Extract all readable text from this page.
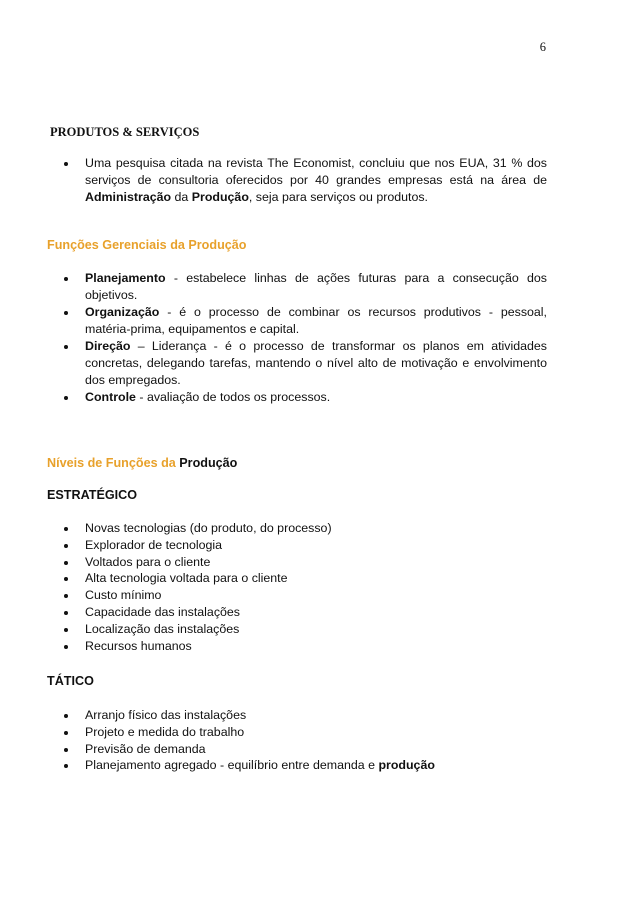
6
PRODUTOS & SERVIÇOS
Uma pesquisa citada na revista The Economist, concluiu que nos EUA, 31 % dos serviços de consultoria oferecidos por 40 grandes empresas está na área de Administração da Produção, seja para serviços ou produtos.
Funções Gerenciais da Produção
Planejamento - estabelece linhas de ações futuras para a consecução dos objetivos.
Organização - é o processo de combinar os recursos produtivos - pessoal, matéria-prima, equipamentos e capital.
Direção – Liderança - é o processo de transformar os planos em atividades concretas, delegando tarefas, mantendo o nível alto de motivação e envolvimento dos empregados.
Controle - avaliação de todos os processos.
Níveis de Funções da Produção
ESTRATÉGICO
Novas tecnologias (do produto, do processo)
Explorador de tecnologia
Voltados para o cliente
Alta tecnologia voltada para o cliente
Custo mínimo
Capacidade das instalações
Localização das instalações
Recursos humanos
TÁTICO
Arranjo físico das instalações
Projeto e medida do trabalho
Previsão de demanda
Planejamento agregado - equilíbrio entre demanda e produção
